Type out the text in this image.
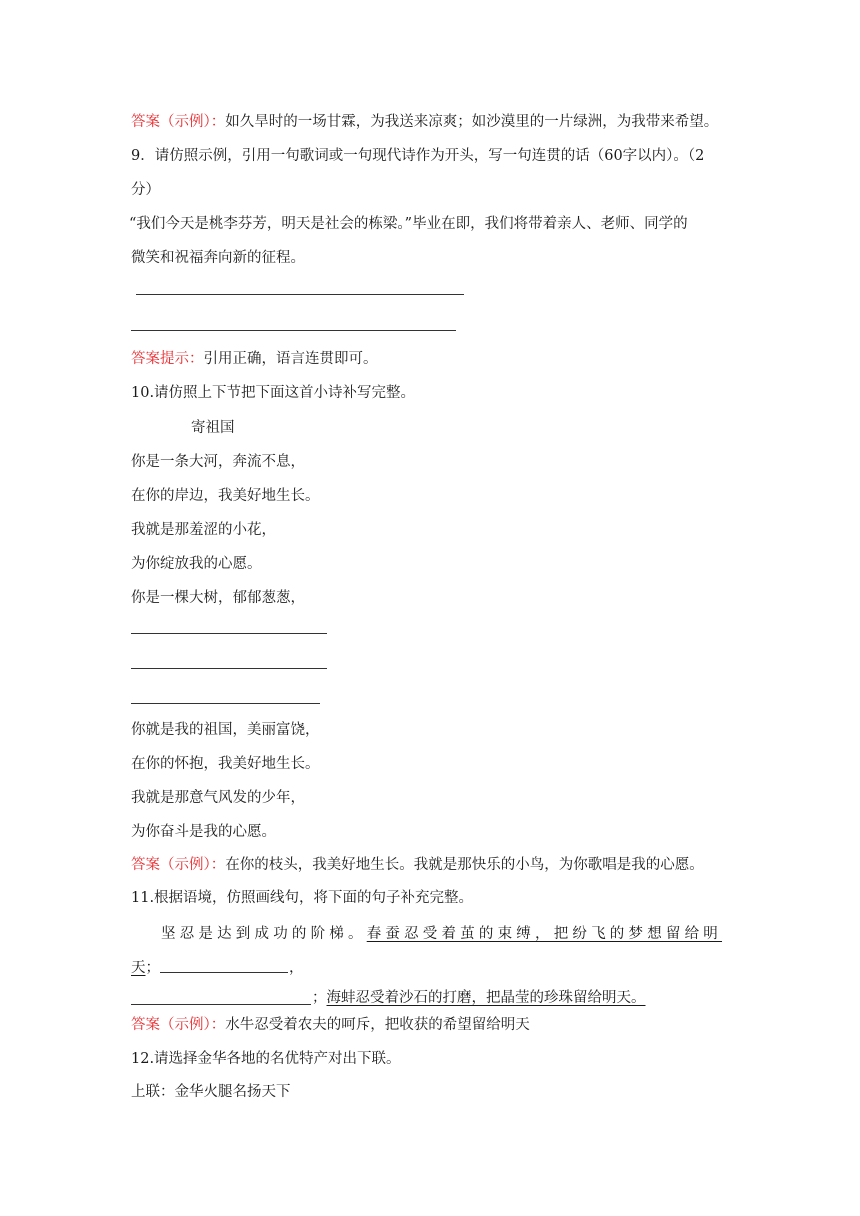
答案（示例）：如久旱时的一场甘霖，为我送来凉爽；如沙漠里的一片绿洲，为我带来希望。
9．请仿照示例，引用一句歌词或一句现代诗作为开头，写一句连贯的话（60字以内）。（2
分）
“我们今天是桃李芬芳，明天是社会的栋梁。”毕业在即，我们将带着亲人、老师、同学的
微笑和祝福奔向新的征程。
答案提示：引用正确，语言连贯即可。
10.请仿照上下节把下面这首小诗补写完整。
寄祖国
你是一条大河，奔流不息，
在你的岸边，我美好地生长。
我就是那羞涩的小花，
为你绽放我的心愿。
你是一棵大树，郁郁葱葱，
你就是我的祖国，美丽富饶，
在你的怀抱，我美好地生长。
我就是那意气风发的少年，
为你奋斗是我的心愿。
答案（示例）：在你的枝头，我美好地生长。我就是那快乐的小鸟，为你歌唱是我的心愿。
11.根据语境，仿照画线句，将下面的句子补充完整。
坚忍是达到成功的阶梯。春蚕忍受着茧的束缚，把纷飞的梦想留给明
天；	，
；海蚌忍受着沙石的打磨，把晶莹的珍珠留给明天。
答案（示例）：水牛忍受着农夫的呵斥，把收获的希望留给明天
12.请选择金华各地的名优特产对出下联。
上联：金华火腿名扬天下
